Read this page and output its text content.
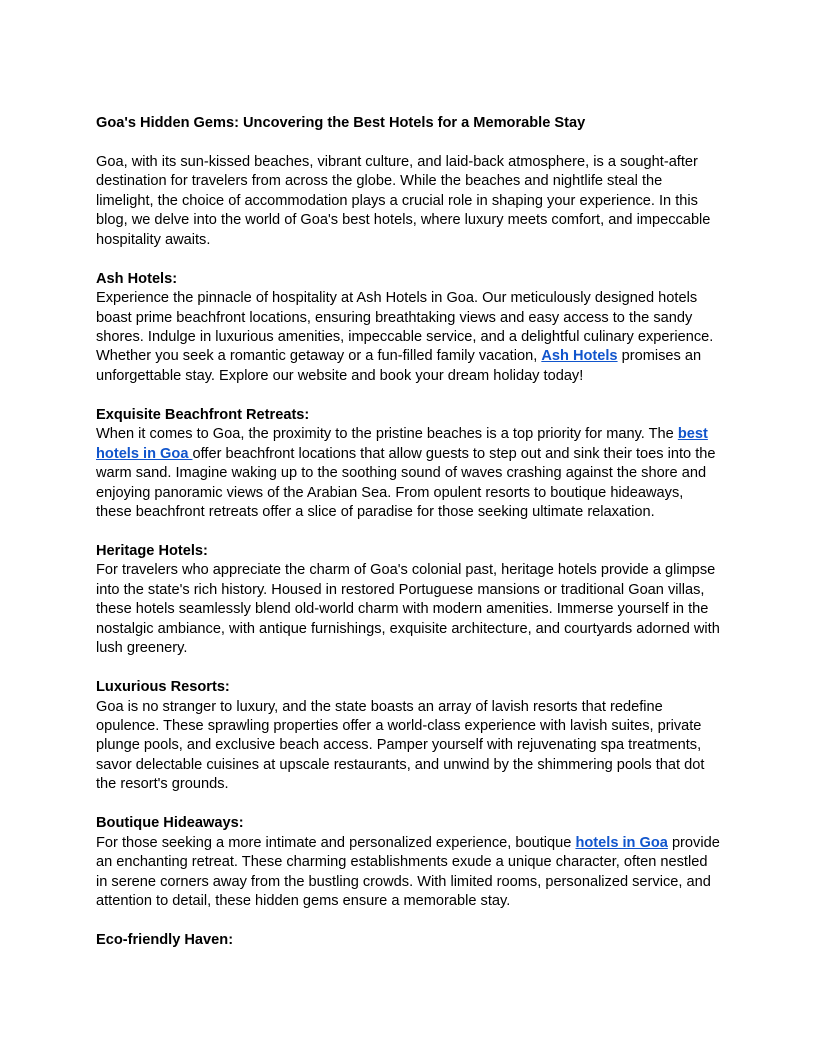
Goa's Hidden Gems: Uncovering the Best Hotels for a Memorable Stay

Goa, with its sun-kissed beaches, vibrant culture, and laid-back atmosphere, is a sought-after destination for travelers from across the globe. While the beaches and nightlife steal the limelight, the choice of accommodation plays a crucial role in shaping your experience. In this blog, we delve into the world of Goa's best hotels, where luxury meets comfort, and impeccable hospitality awaits.

Ash Hotels:
Experience the pinnacle of hospitality at Ash Hotels in Goa. Our meticulously designed hotels boast prime beachfront locations, ensuring breathtaking views and easy access to the sandy shores. Indulge in luxurious amenities, impeccable service, and a delightful culinary experience. Whether you seek a romantic getaway or a fun-filled family vacation, Ash Hotels promises an unforgettable stay. Explore our website and book your dream holiday today!

Exquisite Beachfront Retreats:
When it comes to Goa, the proximity to the pristine beaches is a top priority for many. The best hotels in Goa offer beachfront locations that allow guests to step out and sink their toes into the warm sand. Imagine waking up to the soothing sound of waves crashing against the shore and enjoying panoramic views of the Arabian Sea. From opulent resorts to boutique hideaways, these beachfront retreats offer a slice of paradise for those seeking ultimate relaxation.

Heritage Hotels:
For travelers who appreciate the charm of Goa's colonial past, heritage hotels provide a glimpse into the state's rich history. Housed in restored Portuguese mansions or traditional Goan villas, these hotels seamlessly blend old-world charm with modern amenities. Immerse yourself in the nostalgic ambiance, with antique furnishings, exquisite architecture, and courtyards adorned with lush greenery.

Luxurious Resorts:
Goa is no stranger to luxury, and the state boasts an array of lavish resorts that redefine opulence. These sprawling properties offer a world-class experience with lavish suites, private plunge pools, and exclusive beach access. Pamper yourself with rejuvenating spa treatments, savor delectable cuisines at upscale restaurants, and unwind by the shimmering pools that dot the resort's grounds.

Boutique Hideaways:
For those seeking a more intimate and personalized experience, boutique hotels in Goa provide an enchanting retreat. These charming establishments exude a unique character, often nestled in serene corners away from the bustling crowds. With limited rooms, personalized service, and attention to detail, these hidden gems ensure a memorable stay.

Eco-friendly Haven:
